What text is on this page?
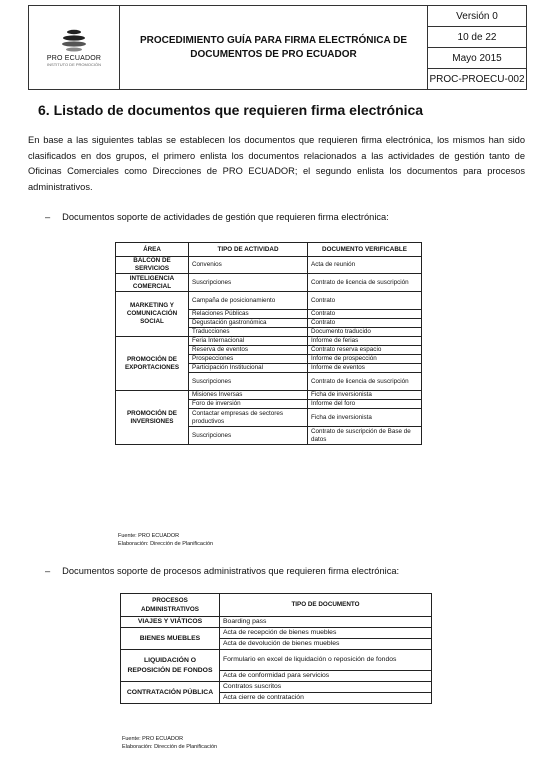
PRO ECUADOR
INSTITUTO DE PROMOCIÓN

PROCEDIMIENTO GUÍA PARA FIRMA ELECTRÓNICA DE
DOCUMENTOS DE PRO ECUADOR
	Versión 0
10 de 22
Mayo 2015
PROC-PROECU-002
6. Listado de documentos que requieren firma electrónica

En base a las siguientes tablas se establecen los documentos que requieren firma electrónica, los mismos han sido clasificados en dos grupos, el primero enlista los documentos relacionados a las actividades de gestión tanto de Oficinas Comerciales como Direcciones de PRO ECUADOR; el segundo enlista los documentos para procesos administrativos.

– Documentos soporte de actividades de gestión que requieren firma electrónica:
ÁREA	TIPO DE ACTIVIDAD	DOCUMENTO VERIFICABLE
BALCÓN DE SERVICIOS	Convenios	Acta de reunión
INTELIGENCIA COMERCIAL	Suscripciones	Contrato de licencia de suscripción
MARKETING Y COMUNICACIÓN SOCIAL	Campaña de posicionamiento	Contrato
	Relaciones Públicas	Contrato
	Degustación gastronómica	Contrato
	Traducciones	Documento traducido
PROMOCIÓN DE EXPORTACIONES	Feria Internacional	Informe de ferias
	Reserva de eventos	Contrato reserva espacio
	Prospecciones	Informe de prospección
	Participación Institucional	Informe de eventos
	Suscripciones	Contrato de licencia de suscripción
PROMOCIÓN DE INVERSIONES	Misiones Inversas	Ficha de inversionista
	Foro de inversión	Informe del foro
	Contactar empresas de sectores productivos	Ficha de inversionista
	Suscripciones	Contrato de suscripción de Base de datos
Fuente: PRO ECUADOR
Elaboración: Dirección de Planificación
– Documentos soporte de procesos administrativos que requieren firma electrónica:
PROCESOS ADMINISTRATIVOS	TIPO DE DOCUMENTO
VIAJES Y VIÁTICOS	Boarding pass
BIENES MUEBLES	Acta de recepción de bienes muebles
	Acta de devolución de bienes muebles
LIQUIDACIÓN O REPOSICIÓN DE FONDOS	Formulario en excel de liquidación o reposición de fondos
	Acta de conformidad para servicios
CONTRATACIÓN PÚBLICA	Contratos suscritos
	Acta cierre de contratación
Fuente: PRO ECUADOR
Elaboración: Dirección de Planificación
